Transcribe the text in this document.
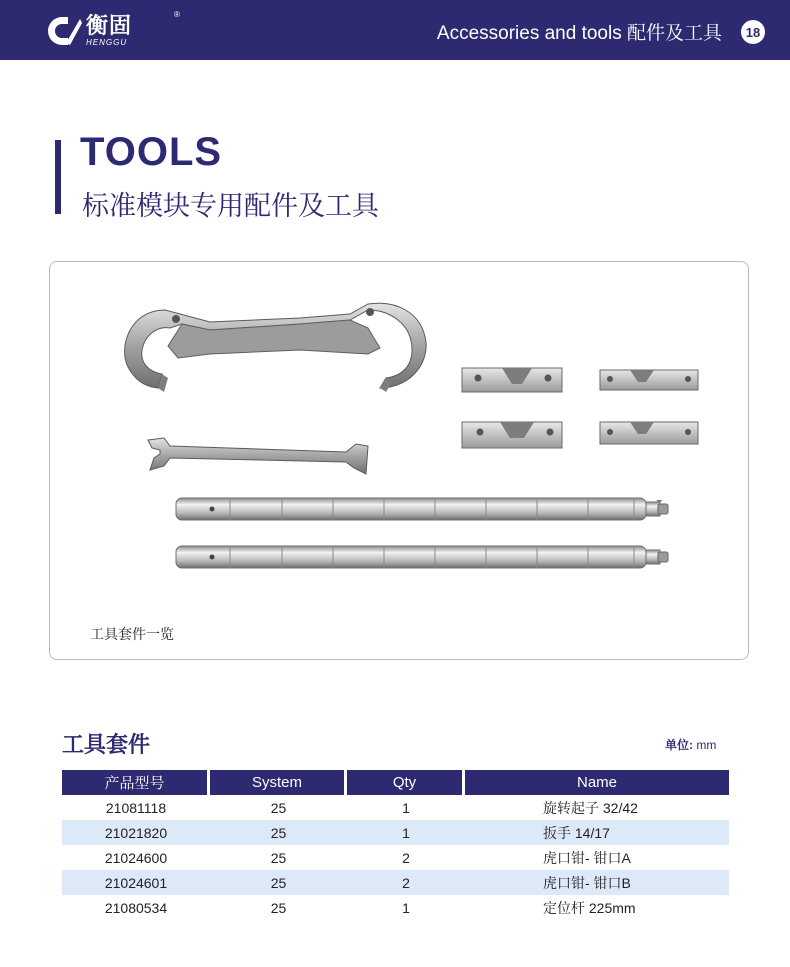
衡固
HENGGU
®
Accessories and tools 配件及工具	18
TOOLS
标准模块专用配件及工具
工具套件一览
工具套件	单位: mm
产品型号	System	Qty	Name
21081118	25	1	旋转起子 32/42
21021820	25	1	扳手 14/17
21024600	25	2	虎口钳- 钳口A
21024601	25	2	虎口钳- 钳口B
21080534	25	1	定位杆 225mm
